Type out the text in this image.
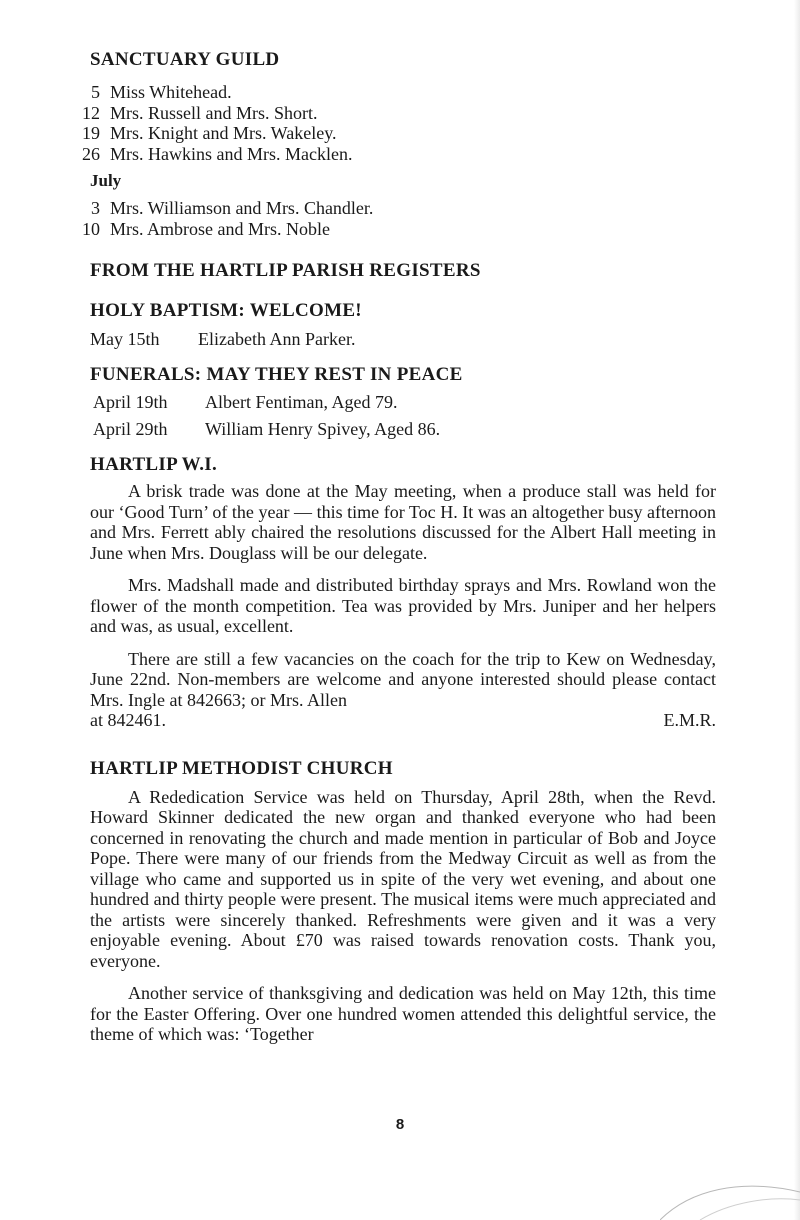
SANCTUARY GUILD
5 Miss Whitehead.
12 Mrs. Russell and Mrs. Short.
19 Mrs. Knight and Mrs. Wakeley.
26 Mrs. Hawkins and Mrs. Macklen.
July
3 Mrs. Williamson and Mrs. Chandler.
10 Mrs. Ambrose and Mrs. Noble
FROM THE HARTLIP PARISH REGISTERS
HOLY BAPTISM: WELCOME!
May 15th Elizabeth Ann Parker.
FUNERALS: MAY THEY REST IN PEACE
April 19th	Albert Fentiman, Aged 79.
April 29th	William Henry Spivey, Aged 86.
HARTLIP W.I.

A brisk trade was done at the May meeting, when a produce stall was held for our ‘Good Turn’ of the year — this time for Toc H. It was an altogether busy afternoon and Mrs. Ferrett ably chaired the resolutions discussed for the Albert Hall meeting in June when Mrs. Douglass will be our delegate.

Mrs. Madshall made and distributed birthday sprays and Mrs. Rowland won the flower of the month competition. Tea was provided by Mrs. Juniper and her helpers and was, as usual, excellent.

There are still a few vacancies on the coach for the trip to Kew on Wednesday, June 22nd. Non-members are welcome and anyone interested should please contact Mrs. Ingle at 842663; or Mrs. Allen

at 842461.	E.M.R.
HARTLIP METHODIST CHURCH

A Rededication Service was held on Thursday, April 28th, when the Revd. Howard Skinner dedicated the new organ and thanked everyone who had been concerned in renovating the church and made mention in particular of Bob and Joyce Pope. There were many of our friends from the Medway Circuit as well as from the village who came and supported us in spite of the very wet evening, and about one hundred and thirty people were present. The musical items were much appreciated and the artists were sincerely thanked. Refreshments were given and it was a very enjoyable evening. About £70 was raised towards renovation costs. Thank you, everyone.

Another service of thanksgiving and dedication was held on May 12th, this time for the Easter Offering. Over one hundred women attended this delightful service, the theme of which was: ‘Together

8
